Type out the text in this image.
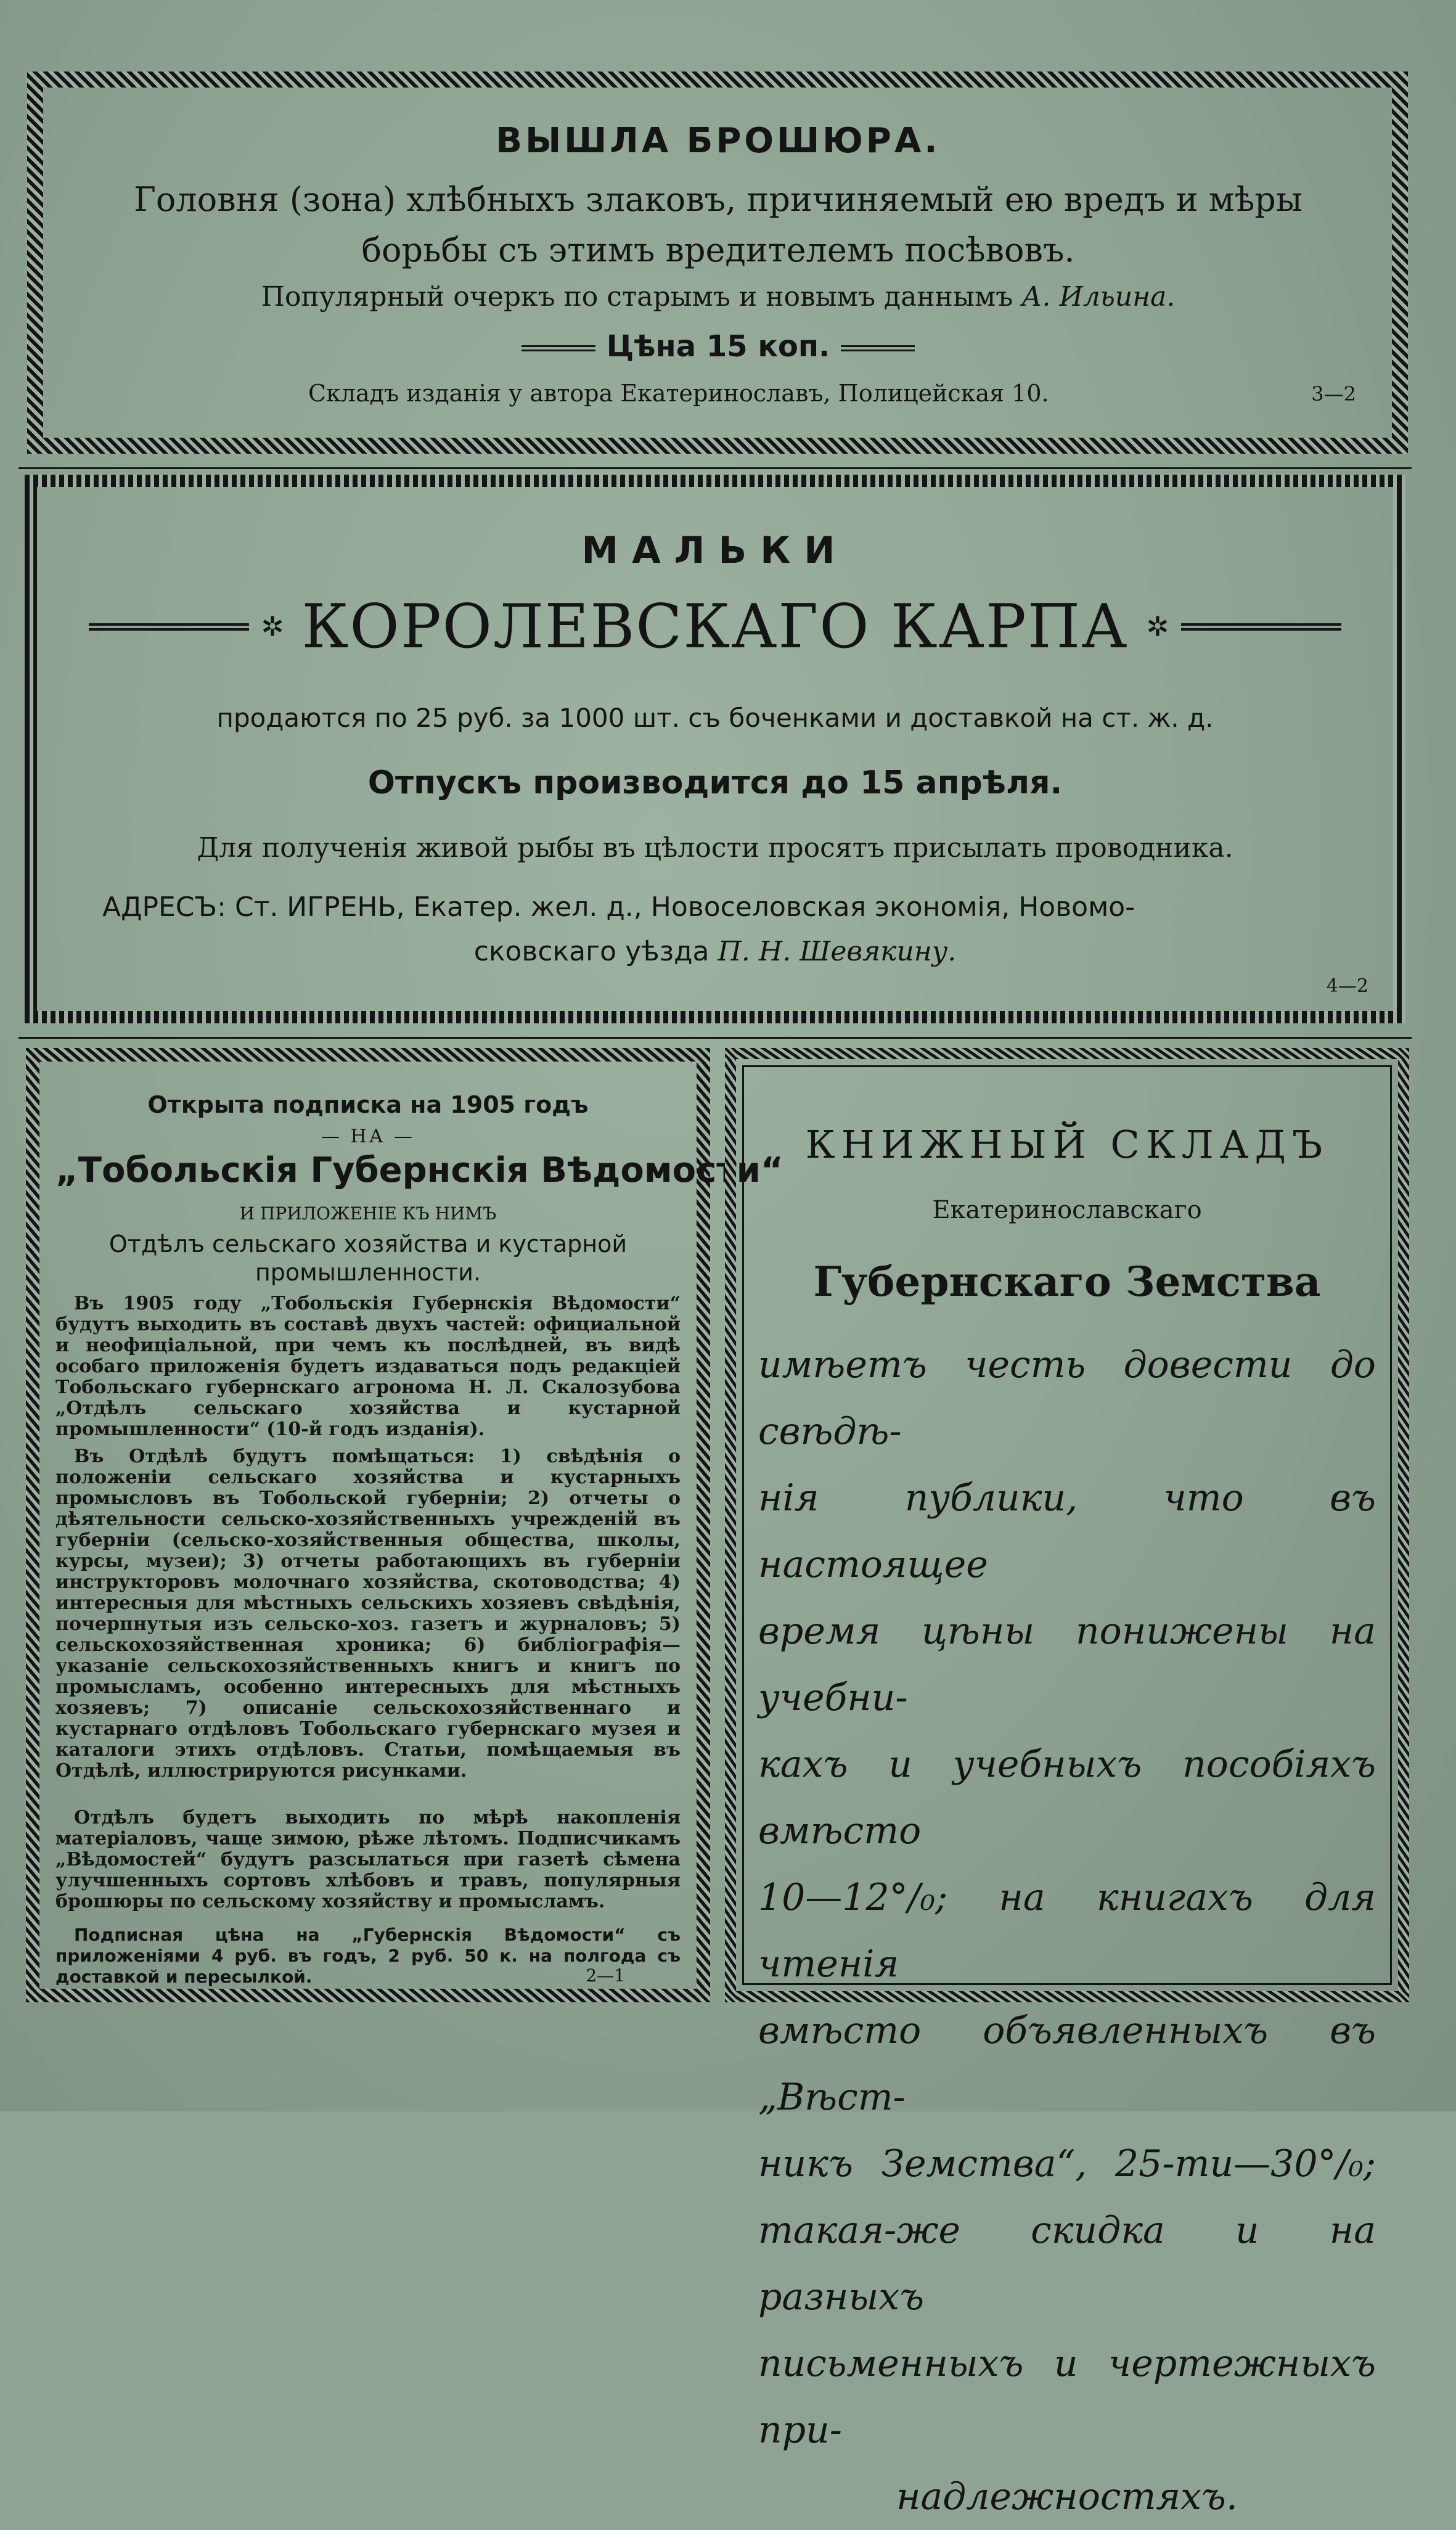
ВЫШЛА БРОШЮРА.
Головня (зона) хлѣбныхъ злаковъ, причиняемый ею вредъ и мѣры
борьбы съ этимъ вредителемъ посѣвовъ.
Популярный очеркъ по старымъ и новымъ даннымъ А. Ильина.
Цѣна 15 коп.
Складъ изданія у автора Екатеринославъ, Полицейская 10.	3—2
МАЛЬКИ
✲ КОРОЛЕВСКАГО КАРПА ✲
продаются по 25 руб. за 1000 шт. съ боченками и доставкой на ст. ж. д.
Отпускъ производится до 15 апрѣля.
Для полученія живой рыбы въ цѣлости просятъ присылать проводника.
АДРЕСЪ: Ст. ИГРЕНЬ, Екатер. жел. д., Новоселовская экономія, Новомо-
сковскаго уѣзда П. Н. Шевякину.
4—2
Открыта подписка на 1905 годъ
— НА —
„Тобольскія Губернскія Вѣдомости“
И ПРИЛОЖЕНІЕ КЪ НИМЪ
Отдѣлъ сельскаго хозяйства и кустарной
промышленности.
Въ 1905 году „Тобольскія Губернскія Вѣдомости“ будутъ выходить въ составѣ двухъ частей: официальной и неофиціальной, при чемъ къ послѣдней, въ видѣ особаго приложенія будетъ издаваться подъ редакціей Тобольскаго губернскаго агронома Н. Л. Скалозубова „Отдѣлъ сельскаго хозяйства и кустарной промышленности“ (10-й годъ изданія).
Въ Отдѣлѣ будутъ помѣщаться: 1) свѣдѣнія о положеніи сельскаго хозяйства и кустарныхъ промысловъ въ Тобольской губерніи; 2) отчеты о дѣятельности сельско-хозяйственныхъ учрежденій въ губерніи (сельско-хозяйственныя общества, школы, курсы, музеи); 3) отчеты работающихъ въ губерніи инструкторовъ молочнаго хозяйства, скотоводства; 4) интересныя для мѣстныхъ сельскихъ хозяевъ свѣдѣнія, почерпнутыя изъ сельско-хоз. газетъ и журналовъ; 5) сельскохозяйственная хроника; 6) библіографія—указаніе сельскохозяйственныхъ книгъ и книгъ по промысламъ, особенно интересныхъ для мѣстныхъ хозяевъ; 7) описаніе сельскохозяйственнаго и кустарнаго отдѣловъ Тобольскаго губернскаго музея и каталоги этихъ отдѣловъ. Статьи, помѣщаемыя въ Отдѣлѣ, иллюстрируются рисунками.
Отдѣлъ будетъ выходить по мѣрѣ накопленія матеріаловъ, чаще зимою, рѣже лѣтомъ. Подписчикамъ „Вѣдомостей“ будутъ разсылаться при газетѣ сѣмена улучшенныхъ сортовъ хлѣбовъ и травъ, популярныя брошюры по сельскому хозяйству и промысламъ.
Подписная цѣна на „Губернскія Вѣдомости“ съ приложеніями 4 руб. въ годъ, 2 руб. 50 к. на полгода съ доставкой и пересылкой.	2—1
КНИЖНЫЙ СКЛАДЪ
Екатеринославскаго
Губернскаго Земства
имѣетъ честь довести до свѣдѣ-
нія публики, что въ настоящее
время цѣны понижены на учебни-
кахъ и учебныхъ пособіяхъ вмѣсто
10—12°/₀; на книгахъ для чтенія
вмѣсто объявленныхъ въ „Вѣст-
никъ Земства“, 25-ти—30°/₀;
такая-же скидка и на разныхъ
письменныхъ и чертежныхъ при-
надлежностяхъ.
